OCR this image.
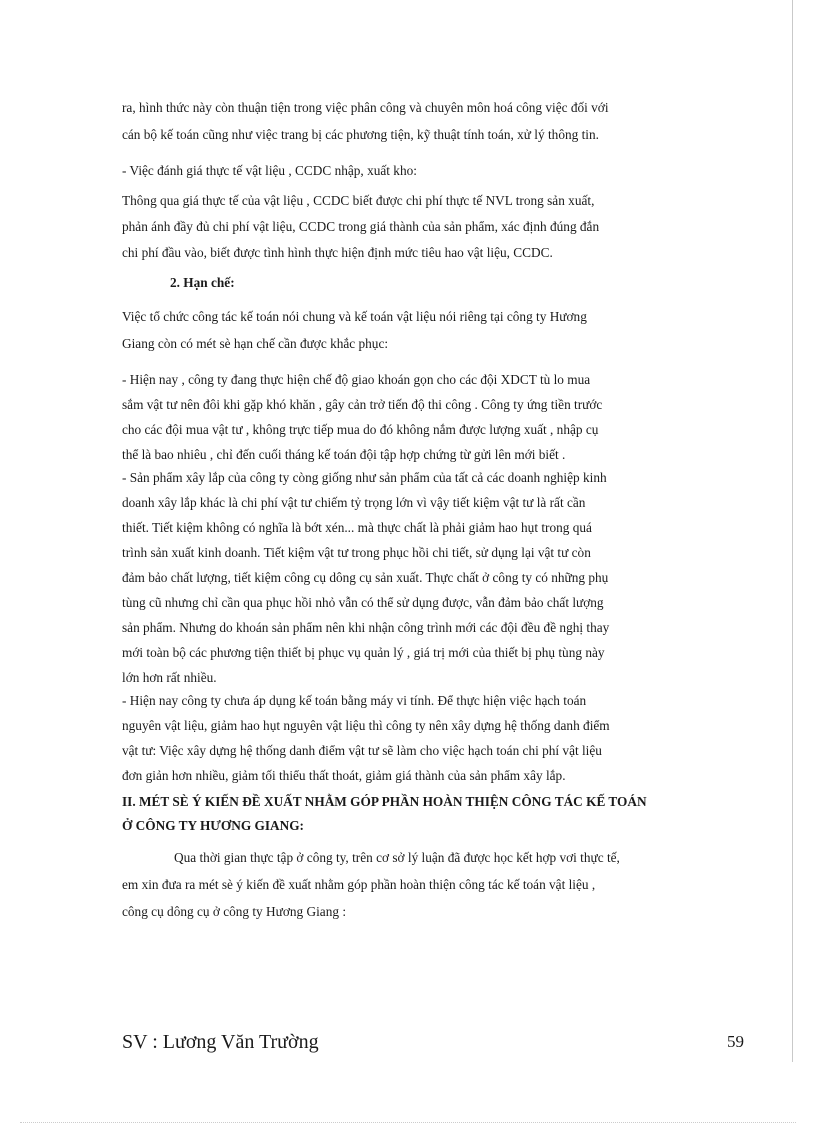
ra, hình thức này còn thuận tiện trong việc phân công và chuyên môn hoá công việc đối với
cán bộ kế toán cũng như việc trang bị các phương tiện, kỹ thuật tính toán, xử lý thông tin.
- Việc đánh giá thực tế vật liệu , CCDC nhập, xuất kho:
Thông qua giá thực tế của vật liệu , CCDC biết được chi phí thực tế NVL trong sản xuất,
phản ánh đầy đủ chi phí vật liệu, CCDC trong giá thành của sản phẩm, xác định đúng đắn
chi phí đầu vào, biết được tình hình thực hiện định mức tiêu hao vật liệu, CCDC.
2. Hạn chế:
Việc tổ chức công tác kế toán nói chung và kế toán vật liệu nói riêng tại công ty Hương
Giang còn có mét sè hạn chế cần được khắc phục:
- Hiện nay , công ty đang thực hiện chế độ giao khoán gọn cho các đội XDCT tù lo mua
sắm vật tư nên đôi khi gặp khó khăn , gây cản trở tiến độ thi công . Công ty ứng tiền trước
cho các đội mua vật tư , không trực tiếp mua do đó không nắm được lượng xuất , nhập cụ
thể là bao nhiêu , chỉ đến cuối tháng kế toán đội tập hợp chứng từ gửi lên mới biết .
- Sản phẩm xây lắp của công ty còng giống như sản phẩm của tất cả các doanh nghiệp kinh
doanh xây lắp khác là chi phí vật tư chiếm tỷ trọng lớn vì vậy tiết kiệm vật tư là rất cần
thiết. Tiết kiệm không có nghĩa là bớt xén... mà thực chất là phải giảm hao hụt trong quá
trình sản xuất kinh doanh. Tiết kiệm vật tư trong phục hồi chi tiết, sử dụng lại vật tư còn
đảm bảo chất lượng, tiết kiệm công cụ dông cụ sản xuất. Thực chất ở công ty có những phụ
tùng cũ nhưng chỉ cần qua phục hồi nhỏ vẫn có thể sử dụng được, vẫn đảm bảo chất lượng
sản phẩm. Nhưng do khoán sản phẩm nên khi nhận công trình mới các đội đều đề nghị thay
mới toàn bộ các phương tiện thiết bị phục vụ quản lý , giá trị mới của thiết bị phụ tùng này
lớn hơn rất nhiều.
- Hiện nay công ty chưa áp dụng kế toán bằng máy vi tính. Để thực hiện việc hạch toán
nguyên vật liệu, giảm hao hụt nguyên vật liệu thì công ty nên xây dựng hệ thống danh điểm
vật tư: Việc xây dựng hệ thống danh điểm vật tư sẽ làm cho việc hạch toán chi phí vật liệu
đơn giản hơn nhiều, giảm tối thiểu thất thoát, giảm giá thành của sản phẩm xây lắp.
II. MÉT SÈ Ý KIẾN ĐỀ XUẤT NHẰM GÓP PHẦN HOÀN THIỆN CÔNG TÁC KẾ TOÁN
Ở CÔNG TY HƯƠNG GIANG:
Qua thời gian thực tập ở công ty, trên cơ sở lý luận đã được học kết hợp vơi thực tế,
em xin đưa ra mét sè ý kiến đề xuất nhằm góp phần hoàn thiện công tác kế toán vật liệu ,
công cụ dông cụ ở công ty Hương Giang :
SV : Lương Văn Trường	59
